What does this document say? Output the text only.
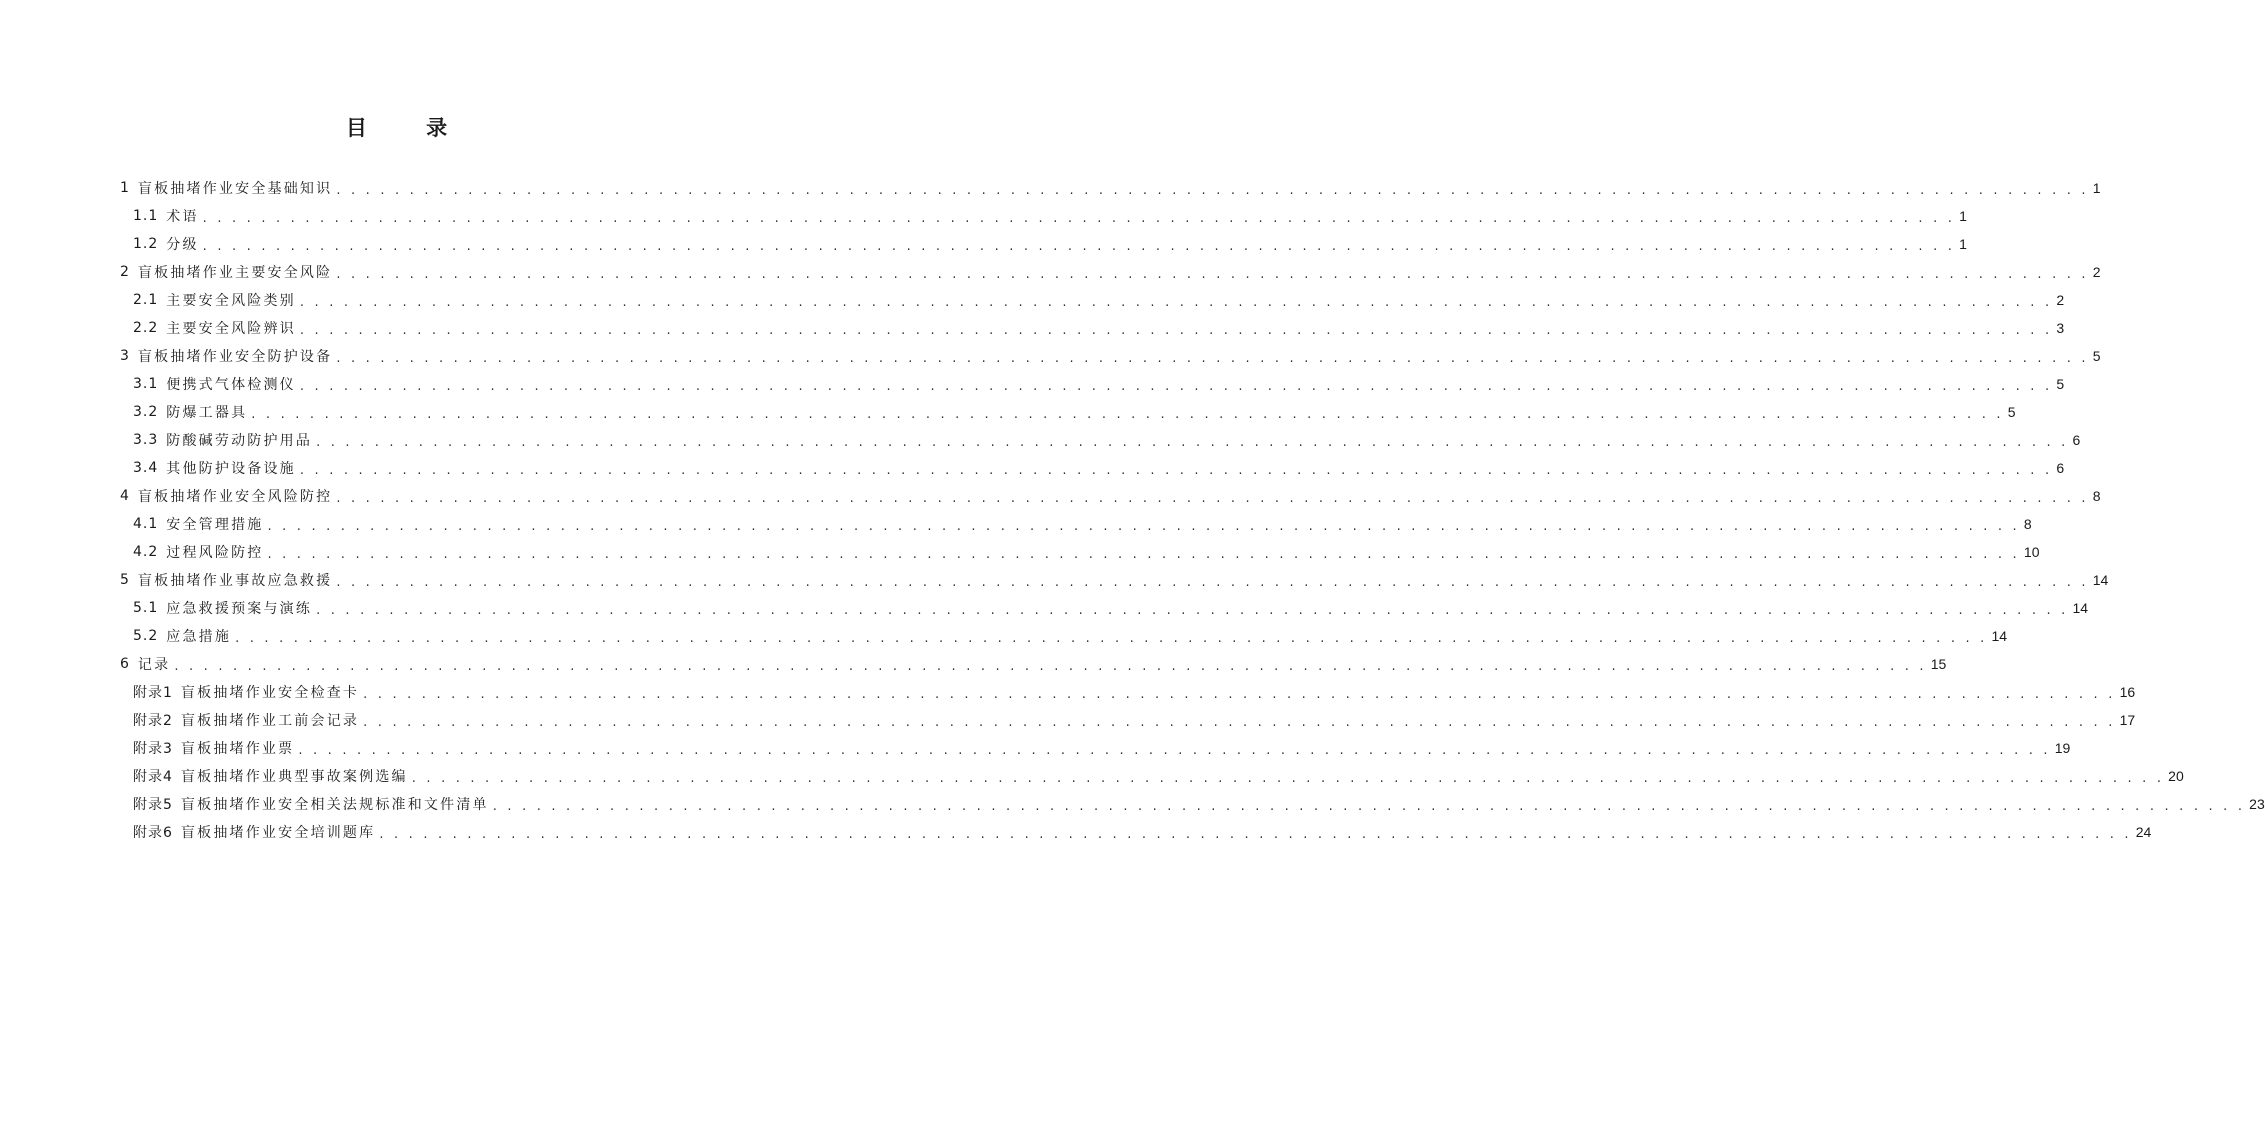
目 录
1 盲板抽堵作业安全基础知识 . . . . . . . . . . . . . . . . . . . . . . . . . . . . . . . . . . . . . . . . . . . . . . . . . . . . . . . . . . . . . . . . . . . . . . . . . . . . . . . . . . . . . . . . . . . . . . . . . . . . . . . . . . . . . . . . . . . . . . . . 1
1.1 术语 . . . . . . . . . . . . . . . . . . . . . . . . . . . . . . . . . . . . . . . . . . . . . . . . . . . . . . . . . . . . . . . . . . . . . . . . . . . . . . . . . . . . . . . . . . . . . . . . . . . . . . . . . . . . . . . . . . . . . . . . 1
1.2 分级 . . . . . . . . . . . . . . . . . . . . . . . . . . . . . . . . . . . . . . . . . . . . . . . . . . . . . . . . . . . . . . . . . . . . . . . . . . . . . . . . . . . . . . . . . . . . . . . . . . . . . . . . . . . . . . . . . . . . . . . . 1
2 盲板抽堵作业主要安全风险 . . . . . . . . . . . . . . . . . . . . . . . . . . . . . . . . . . . . . . . . . . . . . . . . . . . . . . . . . . . . . . . . . . . . . . . . . . . . . . . . . . . . . . . . . . . . . . . . . . . . . . . . . . . . . . . . . . . . . . . . 2
2.1 主要安全风险类别 . . . . . . . . . . . . . . . . . . . . . . . . . . . . . . . . . . . . . . . . . . . . . . . . . . . . . . . . . . . . . . . . . . . . . . . . . . . . . . . . . . . . . . . . . . . . . . . . . . . . . . . . . . . . . . . . . . . . . . . . 2
2.2 主要安全风险辨识 . . . . . . . . . . . . . . . . . . . . . . . . . . . . . . . . . . . . . . . . . . . . . . . . . . . . . . . . . . . . . . . . . . . . . . . . . . . . . . . . . . . . . . . . . . . . . . . . . . . . . . . . . . . . . . . . . . . . . . . . 3
3 盲板抽堵作业安全防护设备 . . . . . . . . . . . . . . . . . . . . . . . . . . . . . . . . . . . . . . . . . . . . . . . . . . . . . . . . . . . . . . . . . . . . . . . . . . . . . . . . . . . . . . . . . . . . . . . . . . . . . . . . . . . . . . . . . . . . . . . . 5
3.1 便携式气体检测仪 . . . . . . . . . . . . . . . . . . . . . . . . . . . . . . . . . . . . . . . . . . . . . . . . . . . . . . . . . . . . . . . . . . . . . . . . . . . . . . . . . . . . . . . . . . . . . . . . . . . . . . . . . . . . . . . . . . . . . . . . 5
3.2 防爆工器具 . . . . . . . . . . . . . . . . . . . . . . . . . . . . . . . . . . . . . . . . . . . . . . . . . . . . . . . . . . . . . . . . . . . . . . . . . . . . . . . . . . . . . . . . . . . . . . . . . . . . . . . . . . . . . . . . . . . . . . . . 5
3.3 防酸碱劳动防护用品 . . . . . . . . . . . . . . . . . . . . . . . . . . . . . . . . . . . . . . . . . . . . . . . . . . . . . . . . . . . . . . . . . . . . . . . . . . . . . . . . . . . . . . . . . . . . . . . . . . . . . . . . . . . . . . . . . . . . . . . . 6
3.4 其他防护设备设施 . . . . . . . . . . . . . . . . . . . . . . . . . . . . . . . . . . . . . . . . . . . . . . . . . . . . . . . . . . . . . . . . . . . . . . . . . . . . . . . . . . . . . . . . . . . . . . . . . . . . . . . . . . . . . . . . . . . . . . . . 6
4 盲板抽堵作业安全风险防控 . . . . . . . . . . . . . . . . . . . . . . . . . . . . . . . . . . . . . . . . . . . . . . . . . . . . . . . . . . . . . . . . . . . . . . . . . . . . . . . . . . . . . . . . . . . . . . . . . . . . . . . . . . . . . . . . . . . . . . . . 8
4.1 安全管理措施 . . . . . . . . . . . . . . . . . . . . . . . . . . . . . . . . . . . . . . . . . . . . . . . . . . . . . . . . . . . . . . . . . . . . . . . . . . . . . . . . . . . . . . . . . . . . . . . . . . . . . . . . . . . . . . . . . . . . . . . . 8
4.2 过程风险防控 . . . . . . . . . . . . . . . . . . . . . . . . . . . . . . . . . . . . . . . . . . . . . . . . . . . . . . . . . . . . . . . . . . . . . . . . . . . . . . . . . . . . . . . . . . . . . . . . . . . . . . . . . . . . . . . . . . . . . . . . 10
5 盲板抽堵作业事故应急救援 . . . . . . . . . . . . . . . . . . . . . . . . . . . . . . . . . . . . . . . . . . . . . . . . . . . . . . . . . . . . . . . . . . . . . . . . . . . . . . . . . . . . . . . . . . . . . . . . . . . . . . . . . . . . . . . . . . . . . . . . 14
5.1 应急救援预案与演练 . . . . . . . . . . . . . . . . . . . . . . . . . . . . . . . . . . . . . . . . . . . . . . . . . . . . . . . . . . . . . . . . . . . . . . . . . . . . . . . . . . . . . . . . . . . . . . . . . . . . . . . . . . . . . . . . . . . . . . . . 14
5.2 应急措施 . . . . . . . . . . . . . . . . . . . . . . . . . . . . . . . . . . . . . . . . . . . . . . . . . . . . . . . . . . . . . . . . . . . . . . . . . . . . . . . . . . . . . . . . . . . . . . . . . . . . . . . . . . . . . . . . . . . . . . . . 14
6 记录 . . . . . . . . . . . . . . . . . . . . . . . . . . . . . . . . . . . . . . . . . . . . . . . . . . . . . . . . . . . . . . . . . . . . . . . . . . . . . . . . . . . . . . . . . . . . . . . . . . . . . . . . . . . . . . . . . . . . . . . . 15
附录1 盲板抽堵作业安全检查卡 . . . . . . . . . . . . . . . . . . . . . . . . . . . . . . . . . . . . . . . . . . . . . . . . . . . . . . . . . . . . . . . . . . . . . . . . . . . . . . . . . . . . . . . . . . . . . . . . . . . . . . . . . . . . . . . . . . . . . . . . 16
附录2 盲板抽堵作业工前会记录 . . . . . . . . . . . . . . . . . . . . . . . . . . . . . . . . . . . . . . . . . . . . . . . . . . . . . . . . . . . . . . . . . . . . . . . . . . . . . . . . . . . . . . . . . . . . . . . . . . . . . . . . . . . . . . . . . . . . . . . . 17
附录3 盲板抽堵作业票 . . . . . . . . . . . . . . . . . . . . . . . . . . . . . . . . . . . . . . . . . . . . . . . . . . . . . . . . . . . . . . . . . . . . . . . . . . . . . . . . . . . . . . . . . . . . . . . . . . . . . . . . . . . . . . . . . . . . . . . . 19
附录4 盲板抽堵作业典型事故案例选编 . . . . . . . . . . . . . . . . . . . . . . . . . . . . . . . . . . . . . . . . . . . . . . . . . . . . . . . . . . . . . . . . . . . . . . . . . . . . . . . . . . . . . . . . . . . . . . . . . . . . . . . . . . . . . . . . . . . . . . . . 20
附录5 盲板抽堵作业安全相关法规标准和文件清单 . . . . . . . . . . . . . . . . . . . . . . . . . . . . . . . . . . . . . . . . . . . . . . . . . . . . . . . . . . . . . . . . . . . . . . . . . . . . . . . . . . . . . . . . . . . . . . . . . . . . . . . . . . . . . . . . . . . . . . . . 23
附录6 盲板抽堵作业安全培训题库 . . . . . . . . . . . . . . . . . . . . . . . . . . . . . . . . . . . . . . . . . . . . . . . . . . . . . . . . . . . . . . . . . . . . . . . . . . . . . . . . . . . . . . . . . . . . . . . . . . . . . . . . . . . . . . . . . . . . . . . . 24
